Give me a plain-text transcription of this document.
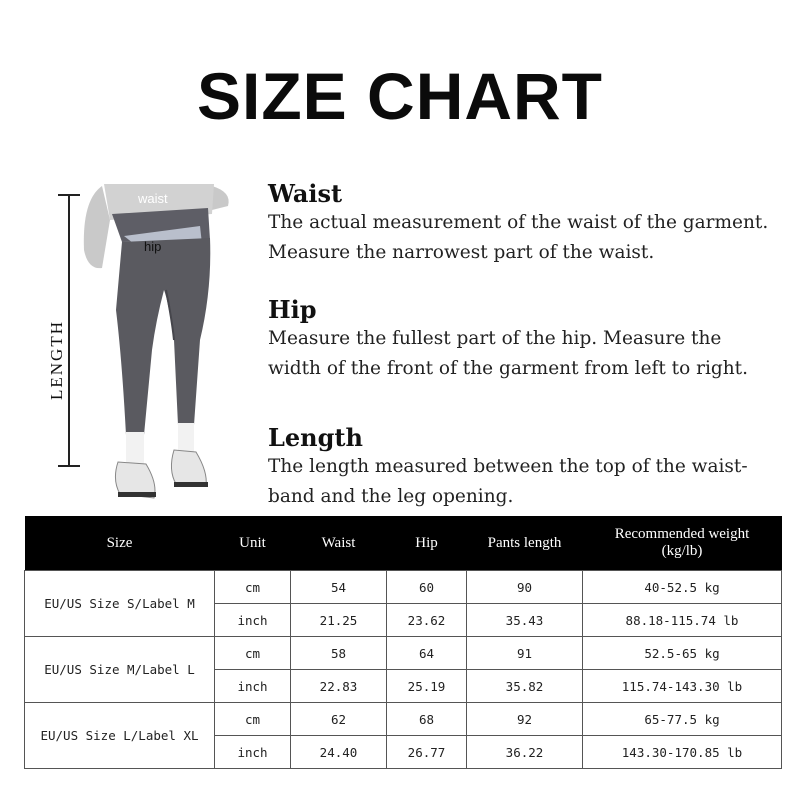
SIZE CHART
LENGTH
waist
hip
Waist

The actual measurement of the waist of the garment.

Measure the narrowest part of the waist.

Hip

Measure the fullest part of the hip. Measure the

width of the front of the garment from left to right.

Length

The length measured between the top of the waist-

band and the leg opening.

Size	Unit	Waist	Hip	Pants length	Recommended weight
(kg/lb)

EU/US Size S/Label M	cm	54	60	90	40-52.5 kg
	inch	21.25	23.62	35.43	88.18-115.74 lb
EU/US Size M/Label L	cm	58	64	91	52.5-65 kg
	inch	22.83	25.19	35.82	115.74-143.30 lb
EU/US Size L/Label XL	cm	62	68	92	65-77.5 kg
	inch	24.40	26.77	36.22	143.30-170.85 lb
